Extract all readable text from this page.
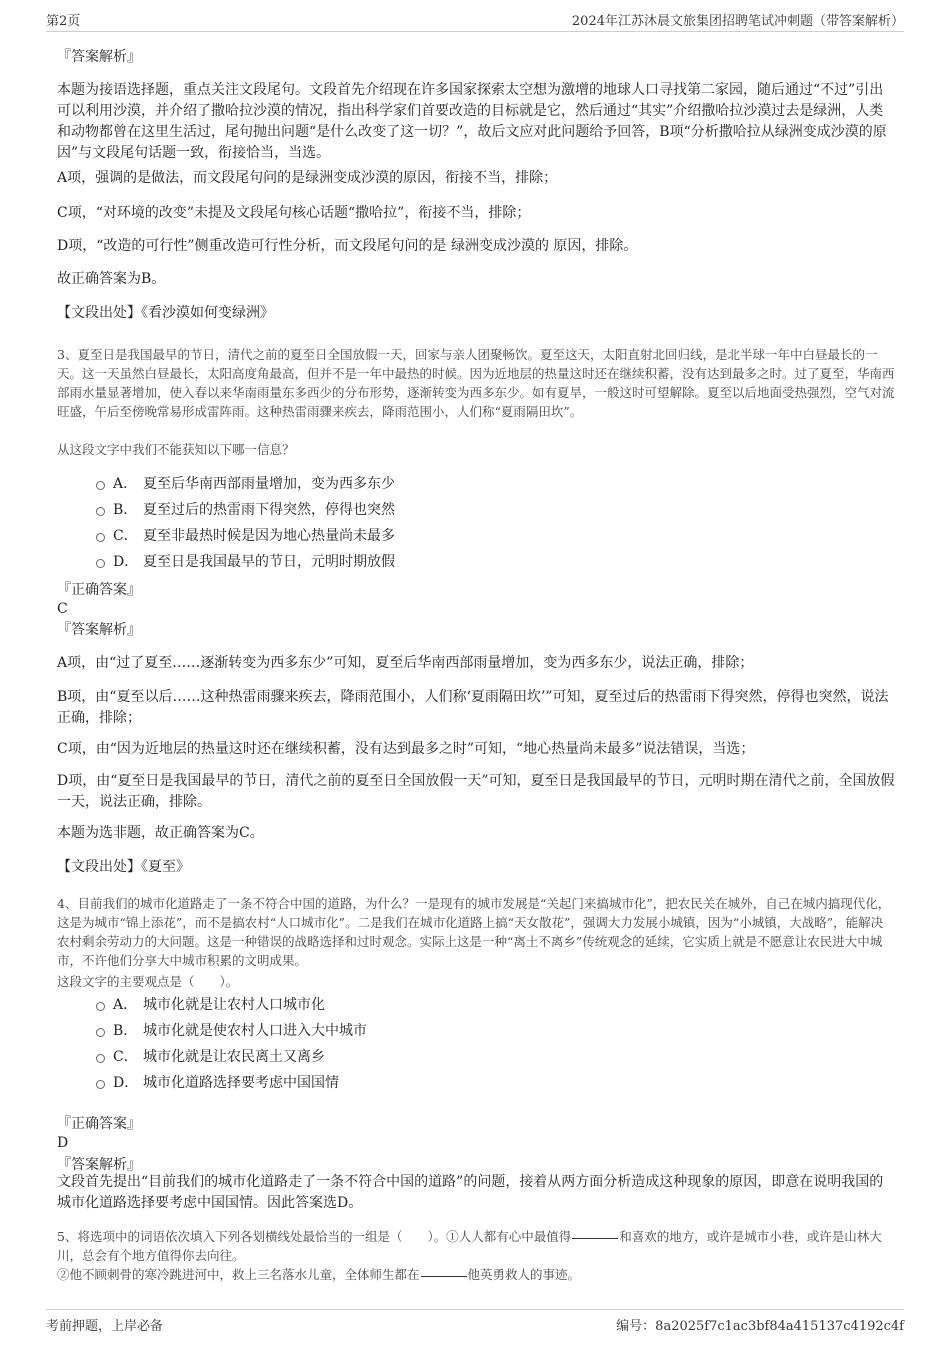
第2页	2024年江苏沐晨文旅集团招聘笔试冲刺题（带答案解析）
『答案解析』
本题为接语选择题，重点关注文段尾句。文段首先介绍现在许多国家探索太空想为激增的地球人口寻找第二家园，随后通过“不过”引出可以利用沙漠，并介绍了撒哈拉沙漠的情况，指出科学家们首要改造的目标就是它，然后通过“其实”介绍撒哈拉沙漠过去是绿洲，人类和动物都曾在这里生活过，尾句抛出问题“是什么改变了这一切？”，故后文应对此问题给予回答，B项“分析撒哈拉从绿洲变成沙漠的原因”与文段尾句话题一致，衔接恰当，当选。
A项，强调的是做法，而文段尾句问的是绿洲变成沙漠的原因，衔接不当，排除；
C项，“对环境的改变”未提及文段尾句核心话题“撒哈拉”，衔接不当，排除；
D项，“改造的可行性”侧重改造可行性分析，而文段尾句问的是 绿洲变成沙漠的 原因，排除。
故正确答案为B。
【文段出处】《看沙漠如何变绿洲》
3、夏至日是我国最早的节日，清代之前的夏至日全国放假一天，回家与亲人团聚畅饮。夏至这天，太阳直射北回归线，是北半球一年中白昼最长的一天。这一天虽然白昼最长，太阳高度角最高，但并不是一年中最热的时候。因为近地层的热量这时还在继续积蓄，没有达到最多之时。过了夏至，华南西部雨水量显著增加，使入春以来华南雨量东多西少的分布形势，逐渐转变为西多东少。如有夏旱，一般这时可望解除。夏至以后地面受热强烈，空气对流旺盛，午后至傍晚常易形成雷阵雨。这种热雷雨骤来疾去，降雨范围小，人们称“夏雨隔田坎”。
从这段文字中我们不能获知以下哪一信息？
A． 夏至后华南西部雨量增加，变为西多东少
B． 夏至过后的热雷雨下得突然，停得也突然
C． 夏至非最热时候是因为地心热量尚未最多
D． 夏至日是我国最早的节日，元明时期放假
『正确答案』
C
『答案解析』
A项，由“过了夏至……逐渐转变为西多东少”可知，夏至后华南西部雨量增加，变为西多东少，说法正确，排除；
B项，由“夏至以后……这种热雷雨骤来疾去，降雨范围小，人们称‘夏雨隔田坎’”可知，夏至过后的热雷雨下得突然，停得也突然，说法正确，排除；
C项，由“因为近地层的热量这时还在继续积蓄，没有达到最多之时”可知，“地心热量尚未最多”说法错误，当选；
D项，由“夏至日是我国最早的节日，清代之前的夏至日全国放假一天”可知，夏至日是我国最早的节日，元明时期在清代之前，全国放假一天，说法正确，排除。
本题为选非题，故正确答案为C。
【文段出处】《夏至》
4、目前我们的城市化道路走了一条不符合中国的道路，为什么？一是现有的城市发展是“关起门来搞城市化”，把农民关在城外，自己在城内搞现代化，这是为城市“锦上添花”，而不是搞农村“人口城市化”。二是我们在城市化道路上搞“天女散花”，强调大力发展小城镇，因为“小城镇，大战略”，能解决农村剩余劳动力的大问题。这是一种错误的战略选择和过时观念。实际上这是一种“离土不离乡”传统观念的延续，它实质上就是不愿意让农民进大中城市，不许他们分享大中城市积累的文明成果。
这段文字的主要观点是（　　）。
A． 城市化就是让农村人口城市化
B． 城市化就是使农村人口进入大中城市
C． 城市化就是让农民离土又离乡
D． 城市化道路选择要考虑中国国情
『正确答案』
D
『答案解析』
文段首先提出“目前我们的城市化道路走了一条不符合中国的道路”的问题，接着从两方面分析造成这种现象的原因，即意在说明我国的城市化道路选择要考虑中国国情。因此答案选D。
5、将选项中的词语依次填入下列各划横线处最恰当的一组是（　　）。①人人都有心中最值得	和喜欢的地方，或许是城市小巷，或许是山林大川，总会有个地方值得你去向往。
②他不顾刺骨的寒冷跳进河中，救上三名落水儿童，全体师生都在	他英勇救人的事迹。
考前押题，上岸必备	编号：8a2025f7c1ac3bf84a415137c4192c4f
